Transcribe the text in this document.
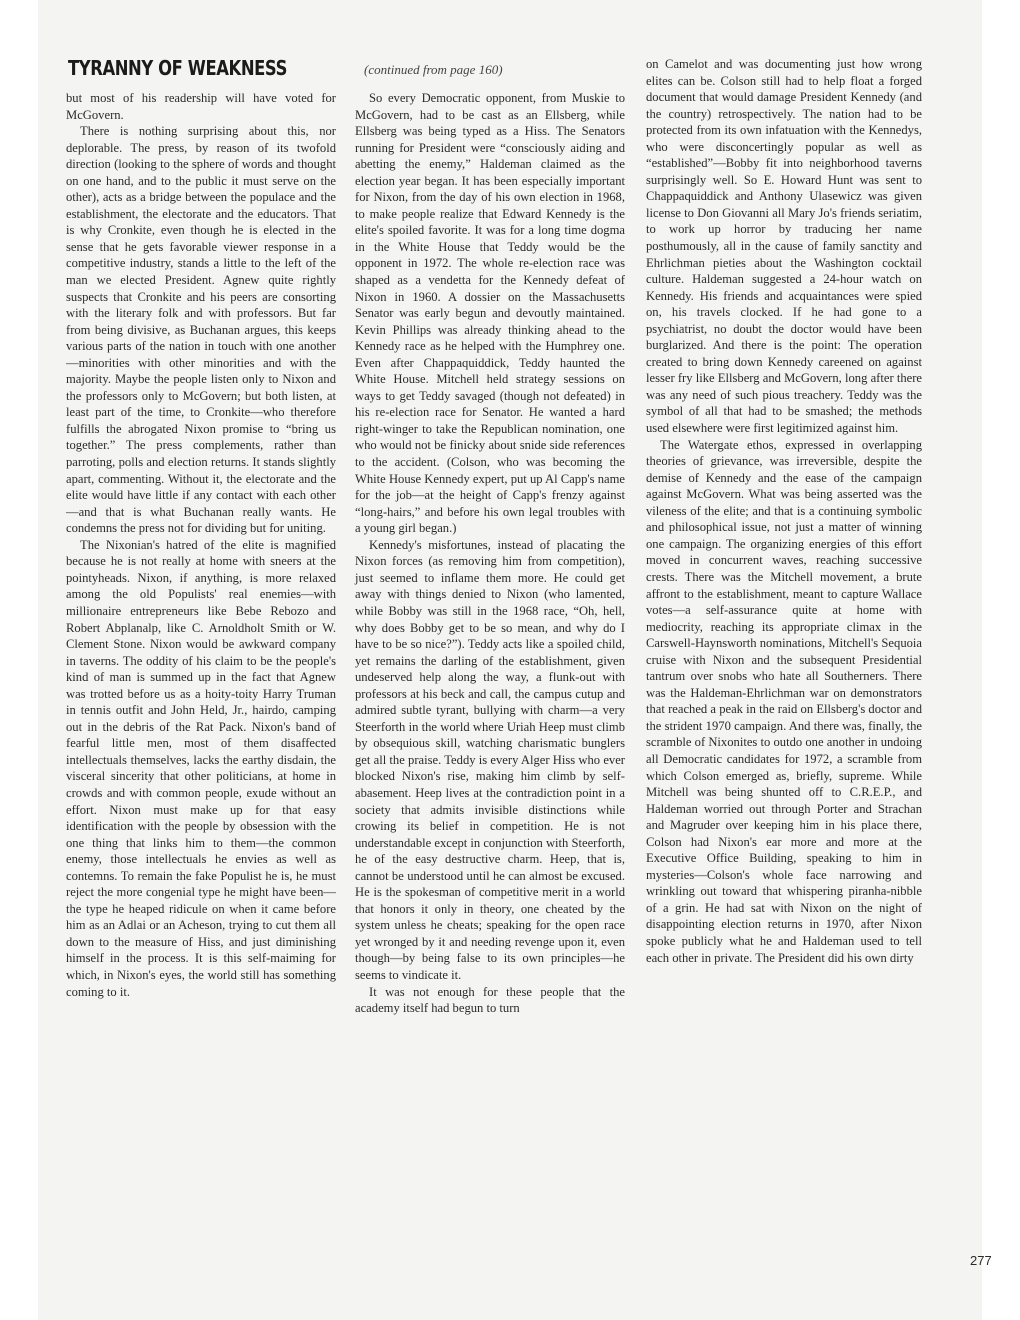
TYRANNY OF WEAKNESS	(continued from page 160)

but most of his readership will have voted for McGovern.

There is nothing surprising about this, nor deplorable. The press, by reason of its twofold direction (looking to the sphere of words and thought on one hand, and to the public it must serve on the other), acts as a bridge between the populace and the establishment, the electorate and the educators. That is why Cronkite, even though he is elected in the sense that he gets favorable viewer response in a competitive industry, stands a little to the left of the man we elected President. Agnew quite rightly suspects that Cronkite and his peers are consorting with the literary folk and with professors. But far from being divisive, as Buchanan argues, this keeps various parts of the nation in touch with one another—minorities with other minorities and with the majority. Maybe the people listen only to Nixon and the professors only to McGovern; but both listen, at least part of the time, to Cronkite—who therefore fulfills the abrogated Nixon promise to “bring us together.” The press complements, rather than parroting, polls and election returns. It stands slightly apart, commenting. Without it, the electorate and the elite would have little if any contact with each other—and that is what Buchanan really wants. He condemns the press not for dividing but for uniting.

The Nixonian's hatred of the elite is magnified because he is not really at home with sneers at the pointyheads. Nixon, if anything, is more relaxed among the old Populists' real enemies—with millionaire entrepreneurs like Bebe Rebozo and Robert Abplanalp, like C. Arnoldholt Smith or W. Clement Stone. Nixon would be awkward company in taverns. The oddity of his claim to be the people's kind of man is summed up in the fact that Agnew was trotted before us as a hoity-toity Harry Truman in tennis outfit and John Held, Jr., hairdo, camping out in the debris of the Rat Pack. Nixon's band of fearful little men, most of them disaffected intellectuals themselves, lacks the earthy disdain, the visceral sincerity that other politicians, at home in crowds and with common people, exude without an effort. Nixon must make up for that easy identification with the people by obsession with the one thing that links him to them—the common enemy, those intellectuals he envies as well as contemns. To remain the fake Populist he is, he must reject the more congenial type he might have been—the type he heaped ridicule on when it came before him as an Adlai or an Acheson, trying to cut them all down to the measure of Hiss, and just diminishing himself in the process. It is this self-maiming for which, in Nixon's eyes, the world still has something coming to it.

So every Democratic opponent, from Muskie to McGovern, had to be cast as an Ellsberg, while Ellsberg was being typed as a Hiss. The Senators running for President were “consciously aiding and abetting the enemy,” Haldeman claimed as the election year began. It has been especially important for Nixon, from the day of his own election in 1968, to make people realize that Edward Kennedy is the elite's spoiled favorite. It was for a long time dogma in the White House that Teddy would be the opponent in 1972. The whole re-election race was shaped as a vendetta for the Kennedy defeat of Nixon in 1960. A dossier on the Massachusetts Senator was early begun and devoutly maintained. Kevin Phillips was already thinking ahead to the Kennedy race as he helped with the Humphrey one. Even after Chappaquiddick, Teddy haunted the White House. Mitchell held strategy sessions on ways to get Teddy savaged (though not defeated) in his re-election race for Senator. He wanted a hard right-winger to take the Republican nomination, one who would not be finicky about snide side references to the accident. (Colson, who was becoming the White House Kennedy expert, put up Al Capp's name for the job—at the height of Capp's frenzy against “long-hairs,” and before his own legal troubles with a young girl began.)

Kennedy's misfortunes, instead of placating the Nixon forces (as removing him from competition), just seemed to inflame them more. He could get away with things denied to Nixon (who lamented, while Bobby was still in the 1968 race, “Oh, hell, why does Bobby get to be so mean, and why do I have to be so nice?”). Teddy acts like a spoiled child, yet remains the darling of the establishment, given undeserved help along the way, a flunk-out with professors at his beck and call, the campus cutup and admired subtle tyrant, bullying with charm—a very Steerforth in the world where Uriah Heep must climb by obsequious skill, watching charismatic bunglers get all the praise. Teddy is every Alger Hiss who ever blocked Nixon's rise, making him climb by self-abasement. Heep lives at the contradiction point in a society that admits invisible distinctions while crowing its belief in competition. He is not understandable except in conjunction with Steerforth, he of the easy destructive charm. Heep, that is, cannot be understood until he can almost be excused. He is the spokesman of competitive merit in a world that honors it only in theory, one cheated by the system unless he cheats; speaking for the open race yet wronged by it and needing revenge upon it, even though—by being false to its own principles—he seems to vindicate it.

It was not enough for these people that the academy itself had begun to turn

on Camelot and was documenting just how wrong elites can be. Colson still had to help float a forged document that would damage President Kennedy (and the country) retrospectively. The nation had to be protected from its own infatuation with the Kennedys, who were disconcertingly popular as well as “established”—Bobby fit into neighborhood taverns surprisingly well. So E. Howard Hunt was sent to Chappaquiddick and Anthony Ulasewicz was given license to Don Giovanni all Mary Jo's friends seriatim, to work up horror by traducing her name posthumously, all in the cause of family sanctity and Ehrlichman pieties about the Washington cocktail culture. Haldeman suggested a 24-hour watch on Kennedy. His friends and acquaintances were spied on, his travels clocked. If he had gone to a psychiatrist, no doubt the doctor would have been burglarized. And there is the point: The operation created to bring down Kennedy careened on against lesser fry like Ellsberg and McGovern, long after there was any need of such pious treachery. Teddy was the symbol of all that had to be smashed; the methods used elsewhere were first legitimized against him.

The Watergate ethos, expressed in overlapping theories of grievance, was irreversible, despite the demise of Kennedy and the ease of the campaign against McGovern. What was being asserted was the vileness of the elite; and that is a continuing symbolic and philosophical issue, not just a matter of winning one campaign. The organizing energies of this effort moved in concurrent waves, reaching successive crests. There was the Mitchell movement, a brute affront to the establishment, meant to capture Wallace votes—a self-assurance quite at home with mediocrity, reaching its appropriate climax in the Carswell-Haynsworth nominations, Mitchell's Sequoia cruise with Nixon and the subsequent Presidential tantrum over snobs who hate all Southerners. There was the Haldeman-Ehrlichman war on demonstrators that reached a peak in the raid on Ellsberg's doctor and the strident 1970 campaign. And there was, finally, the scramble of Nixonites to outdo one another in undoing all Democratic candidates for 1972, a scramble from which Colson emerged as, briefly, supreme. While Mitchell was being shunted off to C.R.E.P., and Haldeman worried out through Porter and Strachan and Magruder over keeping him in his place there, Colson had Nixon's ear more and more at the Executive Office Building, speaking to him in mysteries—Colson's whole face narrowing and wrinkling out toward that whispering piranha-nibble of a grin. He had sat with Nixon on the night of disappointing election returns in 1970, after Nixon spoke publicly what he and Haldeman used to tell each other in private. The President did his own dirty

277
